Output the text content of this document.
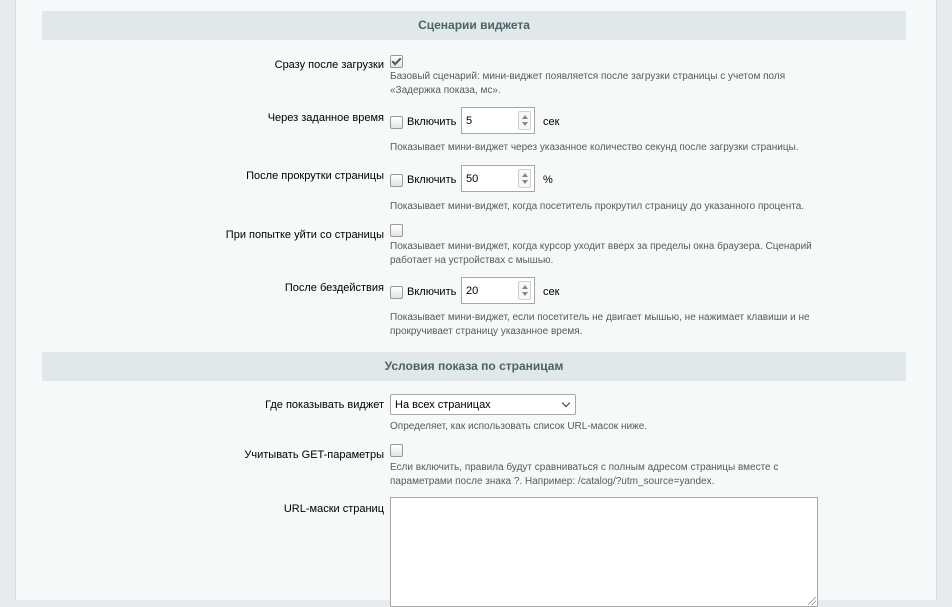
Сценарии виджета
Сразу после загрузки
Базовый сценарий: мини-виджет появляется после загрузки страницы с учетом поля «Задержка показа, мс».
Через заданное время Включить 5	сек
Показывает мини-виджет через указанное количество секунд после загрузки страницы.
После прокрутки страницы Включить 50	%
Показывает мини-виджет, когда посетитель прокрутил страницу до указанного процента.
При попытке уйти со страницы
Показывает мини-виджет, когда курсор уходит вверх за пределы окна браузера. Сценарий работает на устройствах с мышью.
После бездействия Включить 20	сек
Показывает мини-виджет, если посетитель не двигает мышью, не нажимает клавиши и не прокручивает страницу указанное время.
Условия показа по страницам
Где показывать виджет На всех страницах
Определяет, как использовать список URL-масок ниже.
Учитывать GET-параметры
Если включить, правила будут сравниваться с полным адресом страницы вместе с параметрами после знака ?. Например: /catalog/?utm_source=yandex.
URL-маски страниц
